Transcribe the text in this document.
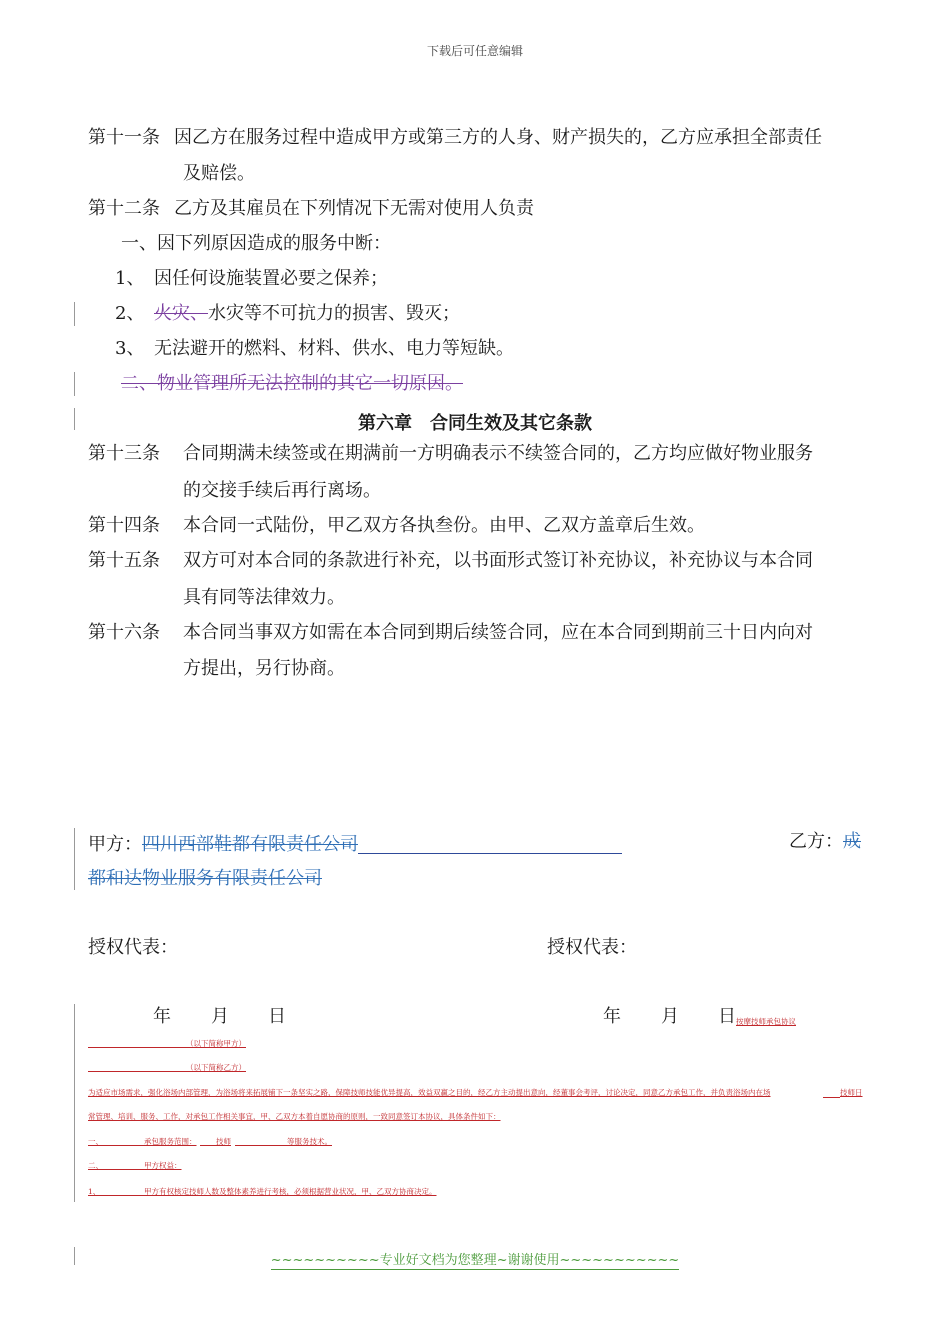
下载后可任意编辑
第十一条 因乙方在服务过程中造成甲方或第三方的人身、财产损失的，乙方应承担全部责任
及赔偿。
第十二条 乙方及其雇员在下列情况下无需对使用人负责
一、因下列原因造成的服务中断：
1、 因任何设施装置必要之保养；
2、 火灾、水灾等不可抗力的损害、毁灭；
3、 无法避开的燃料、材料、供水、电力等短缺。
二、物业管理所无法控制的其它一切原因。
第六章　合同生效及其它条款
第十三条 合同期满未续签或在期满前一方明确表示不续签合同的，乙方均应做好物业服务
的交接手续后再行离场。
第十四条 本合同一式陆份，甲乙双方各执叁份。由甲、乙双方盖章后生效。
第十五条 双方可对本合同的条款进行补充，以书面形式签订补充协议，补充协议与本合同
具有同等法律效力。
第十六条 本合同当事双方如需在本合同到期后续签合同，应在本合同到期前三十日内向对
方提出，另行协商。
甲方：四川西部鞋都有限责任公司	乙方：成
都和达物业服务有限责任公司
授权代表：	授权代表：
年 月 日	年 月 日 按摩技师承包协议
（以下简称甲方）
（以下简称乙方）
为适应市场需求，强化浴场内部管理，为浴场将来拓展铺下一条坚实之路，保障技师技能优异提高，效益双赢之目的，经乙方主动提出意向，经董事会考评，讨论决定，同意乙方承包工作，并负责浴场内在场	技师日
常管理、培训、服务、工作，对承包工作相关事宜，甲、乙双方本着自愿协商的原则，一致同意签订本协议，具体条件如下：
一、	承包服务范围：	技师	等服务技术。
二、	甲方权益：
1、	甲方有权核定技师人数及整体素养进行考核，必须根据营业状况，甲、乙双方协商决定。
~~~~~~~~~~专业好文档为您整理~谢谢使用~~~~~~~~~~~
